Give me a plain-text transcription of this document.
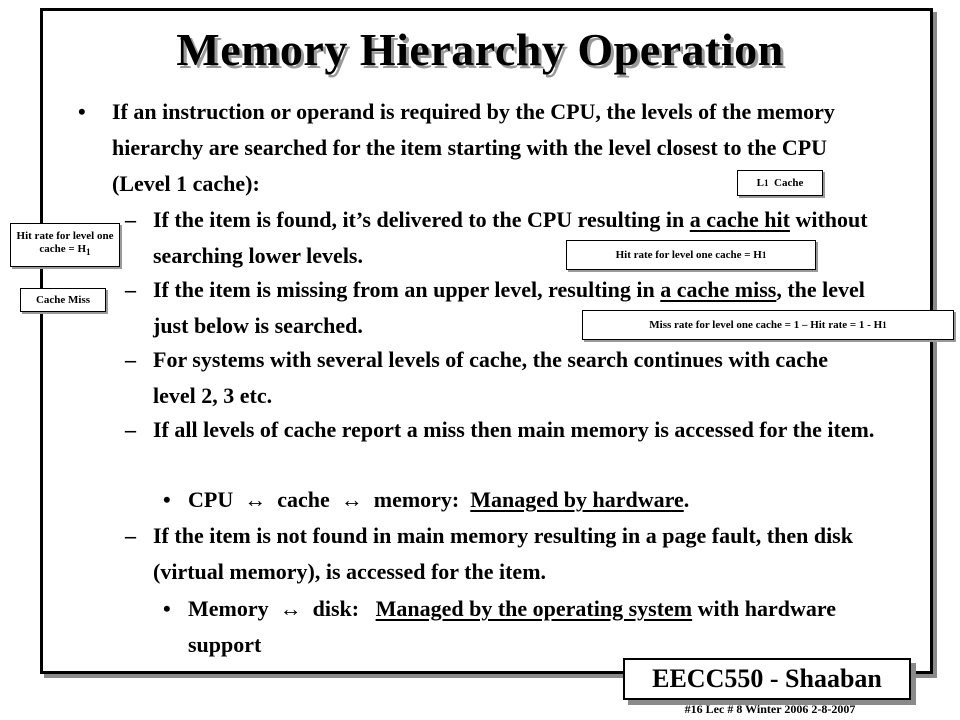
Memory Hierarchy Operation
• If an instruction or operand is required by the CPU, the levels of the memory hierarchy are searched for the item starting with the level closest to the CPU (Level 1 cache):

– If the item is found, it’s delivered to the CPU resulting in a cache hit without searching lower levels.

– If the item is missing from an upper level, resulting in a cache miss, the level just below is searched.

– For systems with several levels of cache, the search continues with cache level 2, 3 etc.

– If all levels of cache report a miss then main memory is accessed for the item.

• CPU  ↔  cache  ↔  memory:  Managed by hardware.

– If the item is not found in main memory resulting in a page fault, then disk (virtual memory), is accessed for the item.

• Memory  ↔  disk:   Managed by the operating system with hardware support

L 1 Cache
Hit rate for level one cache = $H_1$
Cache Miss
Hit rate for level one cache = H 1
Miss rate for level one cache = 1 – Hit rate = 1 - H 1
EECC550 - Shaaban
#16 Lec # 8 Winter 2006 2-8-2007
